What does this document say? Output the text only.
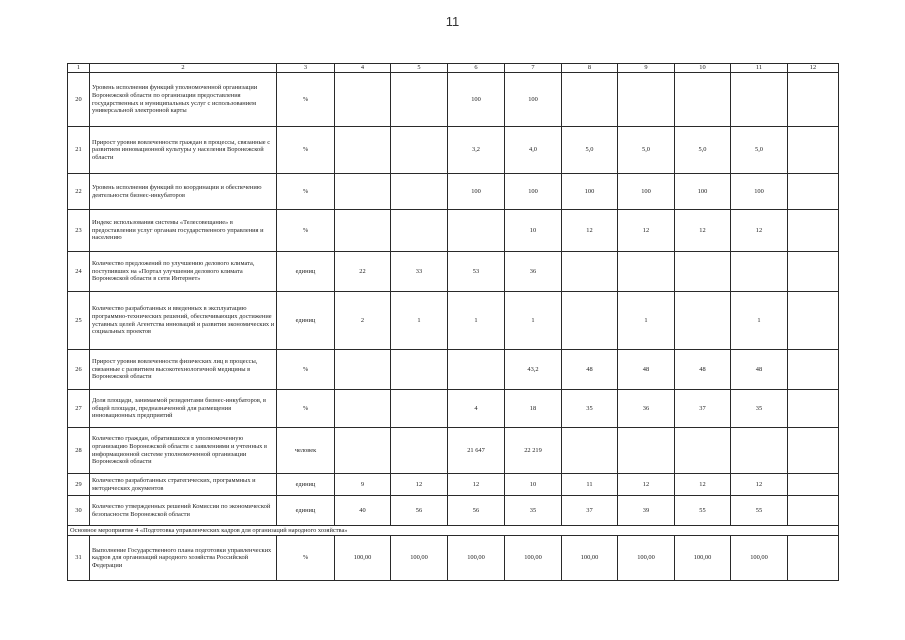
11
1	2	3	4	5	6	7	8	9	10	11	12
20	Уровень исполнения функций уполномоченной организации Воронежской области по организации предоставления государственных и муниципальных услуг с использованием универсальной электронной карты	%			100	100					
21	Прирост уровня вовлеченности граждан в процессы, связанные с развитием инновационной культуры у населения Воронежской области	%			3,2	4,0	5,0	5,0	5,0	5,0	
22	Уровень исполнения функций по координации и обеспечению деятельности бизнес-инкубаторов	%			100	100	100	100	100	100	
23	Индекс использования системы «Телесовещание» в предоставлении услуг органам государственного управления и населению	%				10	12	12	12	12	
24	Количество предложений по улучшению делового климата, поступивших на «Портал улучшения делового климата Воронежской области в сети Интернет»	единиц	22	33	53	36					
25	Количество разработанных и введенных в эксплуатацию программно-технических решений, обеспечивающих достижение уставных целей Агентства инноваций и развития экономических и социальных проектов	единиц	2	1	1	1		1		1	
26	Прирост уровня вовлеченности физических лиц в процессы, связанные с развитием высокотехнологичной медицины в Воронежской области	%				43,2	48	48	48	48	
27	Доля площади, занимаемой резидентами бизнес-инкубаторов, в общей площади, предназначенной для размещения инновационных предприятий	%			4	18	35	36	37	35	
28	Количество граждан, обратившихся в уполномоченную организацию Воронежской области с заявлениями и учтенных в информационной системе уполномоченной организации Воронежской области	человек			21 647	22 219					
29	Количество разработанных стратегических, программных и методических документов	единиц	9	12	12	10	11	12	12	12	
30	Количество утвержденных решений Комиссии по экономической безопасности Воронежской области	единиц	40	56	56	35	37	39	55	55	
Основное мероприятие 4 «Подготовка управленческих кадров для организаций народного хозяйства»											
31	Выполнение Государственного плана подготовки управленческих кадров для организаций народного хозяйства Российской Федерации	%	100,00	100,00	100,00	100,00	100,00	100,00	100,00	100,00	
